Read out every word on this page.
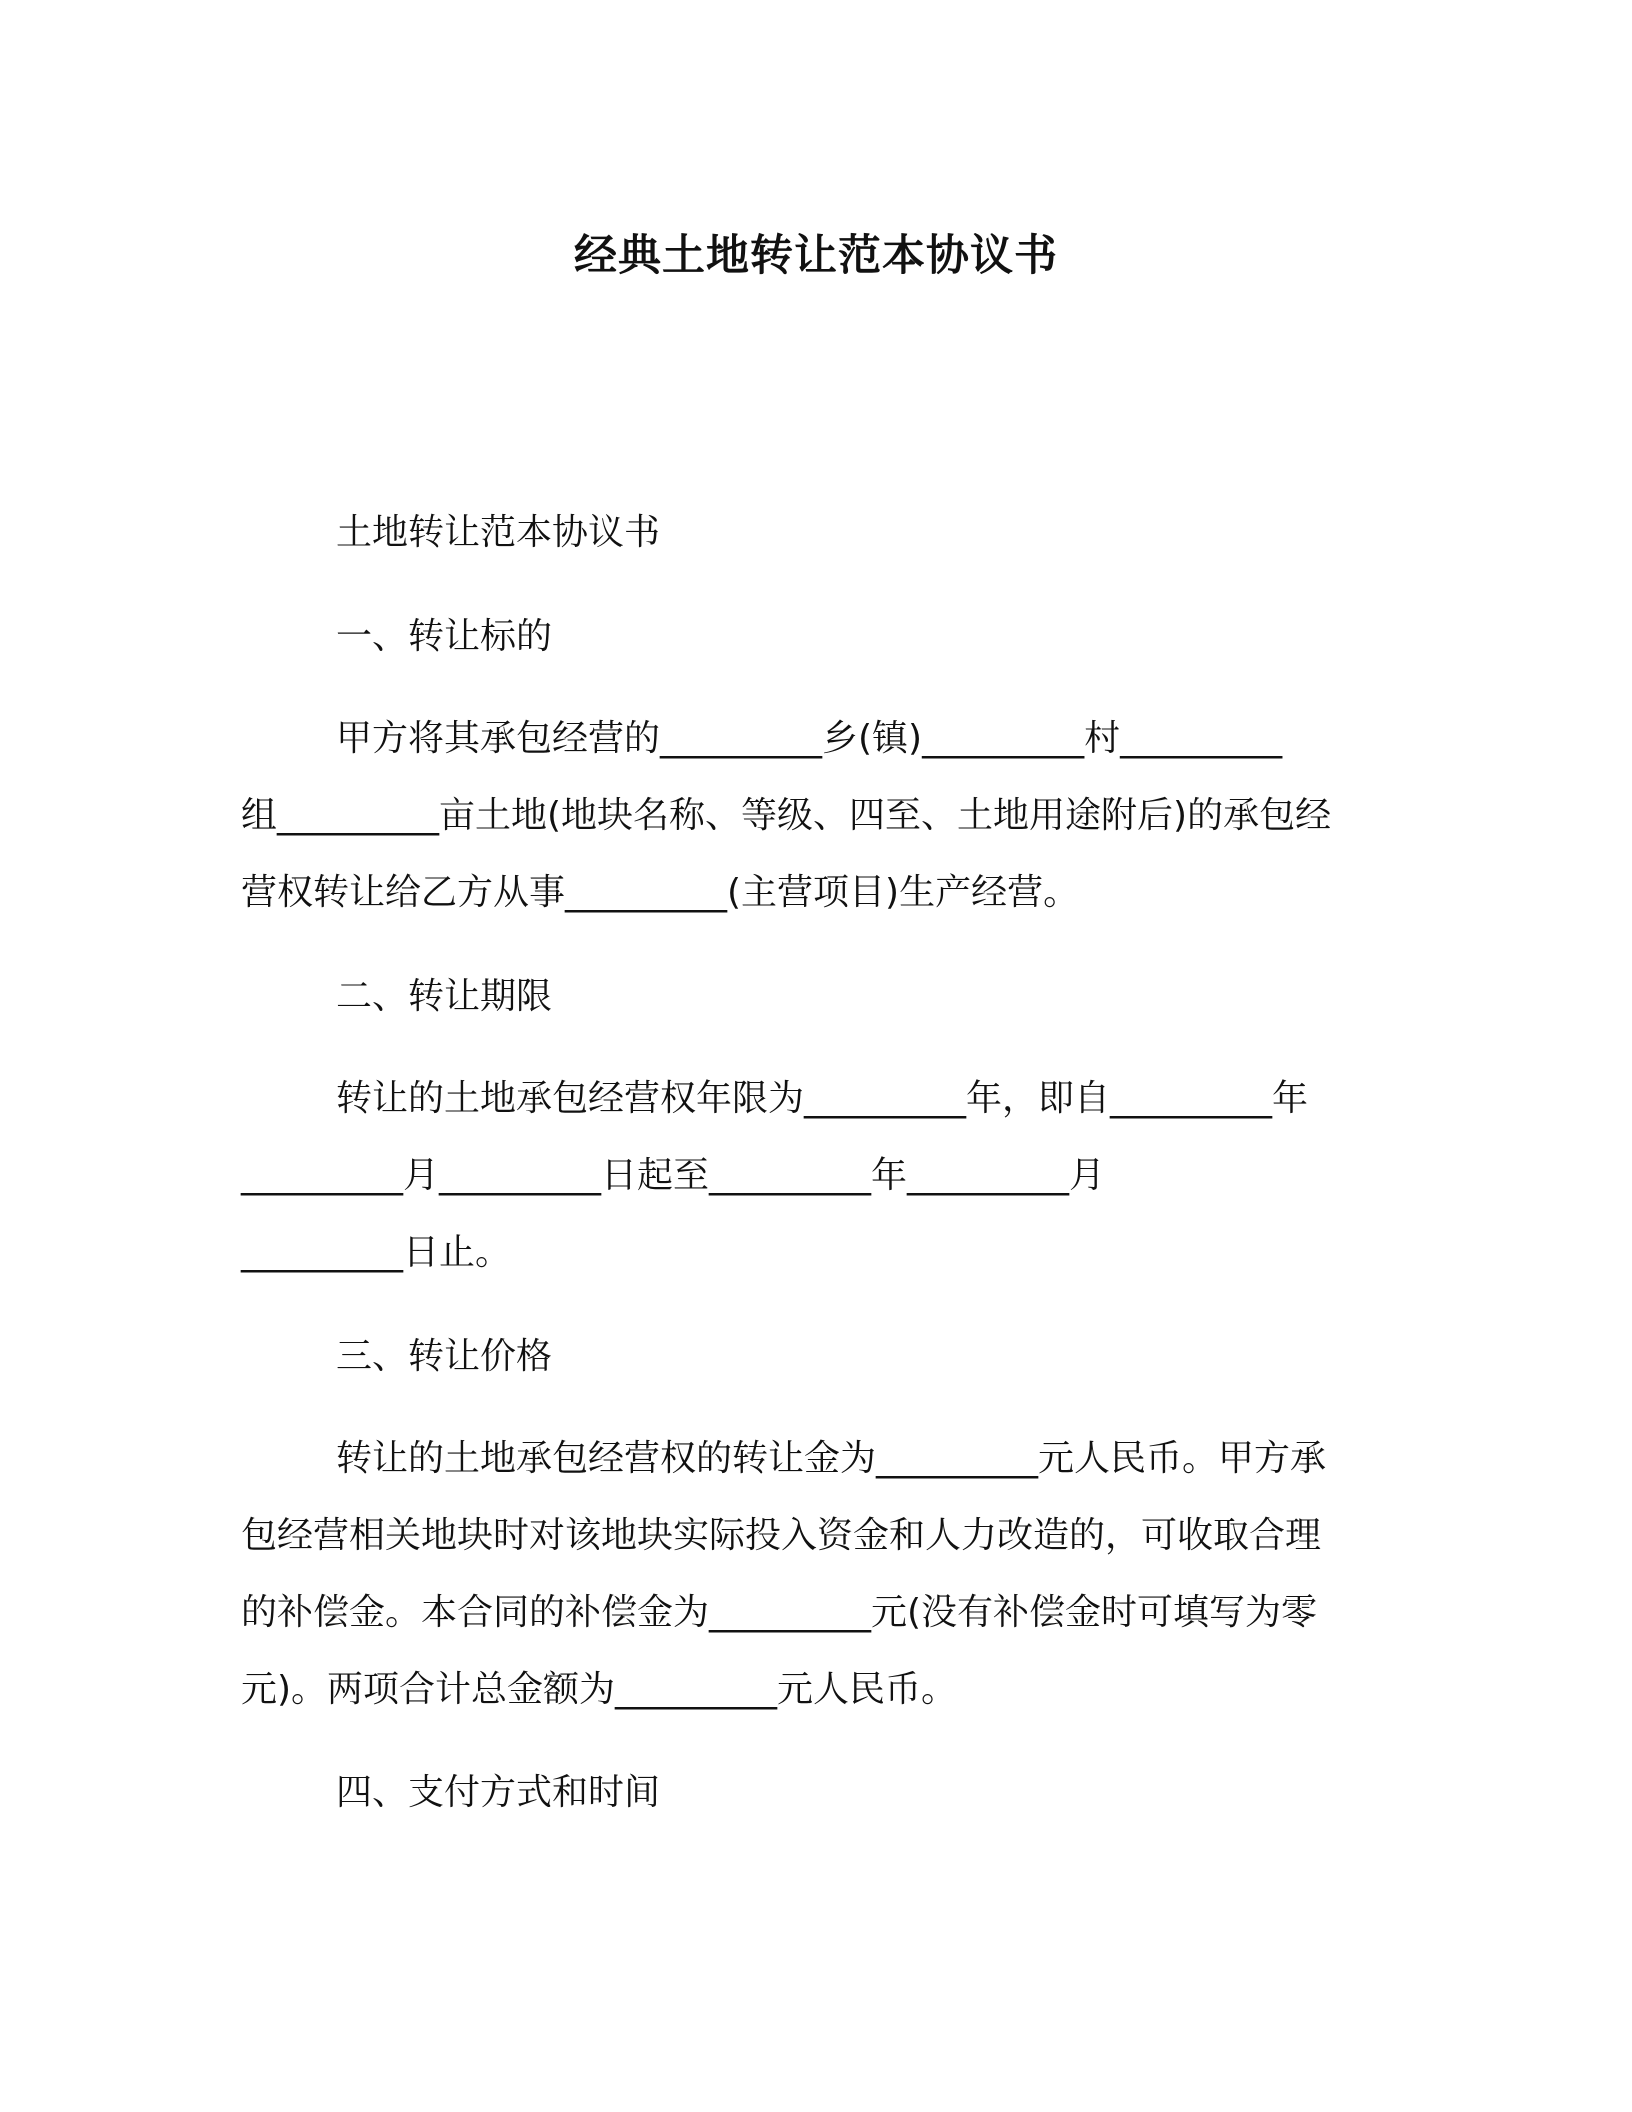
经典土地转让范本协议书

土地转让范本协议书

一、转让标的

甲方将其承包经营的_________乡(镇)_________村_________
组_________亩土地(地块名称、等级、四至、土地用途附后)的承包经
营权转让给乙方从事_________(主营项目)生产经营。

二、转让期限

转让的土地承包经营权年限为_________年，即自_________年
_________月_________日起至_________年_________月
_________日止。

三、转让价格

转让的土地承包经营权的转让金为_________元人民币。甲方承
包经营相关地块时对该地块实际投入资金和人力改造的，可收取合理
的补偿金。本合同的补偿金为_________元(没有补偿金时可填写为零
元)。两项合计总金额为_________元人民币。

四、支付方式和时间
